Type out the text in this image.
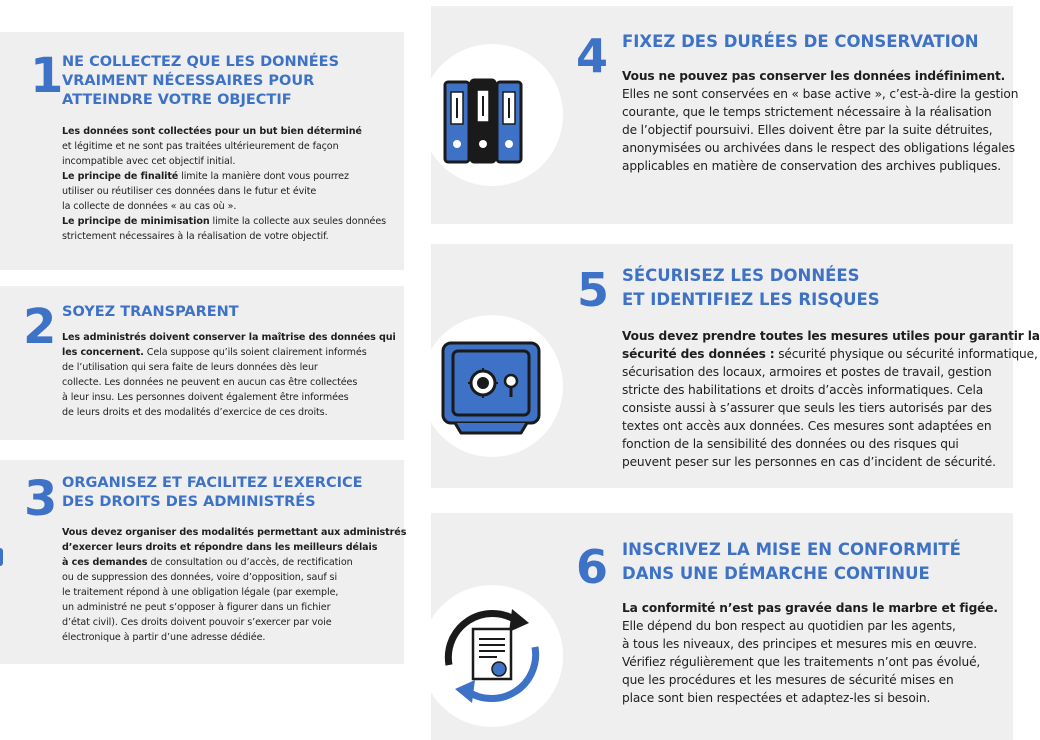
1
NE COLLECTEZ QUE LES DONNÉES
VRAIMENT NÉCESSAIRES POUR
ATTEINDRE VOTRE OBJECTIF

Les données sont collectées pour un but bien déterminé

et légitime et ne sont pas traitées ultérieurement de façon

incompatible avec cet objectif initial.

Le principe de finalité limite la manière dont vous pourrez

utiliser ou réutiliser ces données dans le futur et évite

la collecte de données « au cas où ».

Le principe de minimisation limite la collecte aux seules données

strictement nécessaires à la réalisation de votre objectif.

2 SOYEZ TRANSPARENT

Les administrés doivent conserver la maîtrise des données qui

les concernent. Cela suppose qu’ils soient clairement informés

de l’utilisation qui sera faite de leurs données dès leur

collecte. Les données ne peuvent en aucun cas être collectées

à leur insu. Les personnes doivent également être informées

de leurs droits et des modalités d’exercice de ces droits.

3 ORGANISEZ ET FACILITEZ L’EXERCICE
DES DROITS DES ADMINISTRÉS

Vous devez organiser des modalités permettant aux administrés

d’exercer leurs droits et répondre dans les meilleurs délais

à ces demandes de consultation ou d’accès, de rectification

ou de suppression des données, voire d’opposition, sauf si

le traitement répond à une obligation légale (par exemple,

un administré ne peut s’opposer à figurer dans un fichier

d’état civil). Ces droits doivent pouvoir s’exercer par voie

électronique à partir d’une adresse dédiée.

4 FIXEZ DES DURÉES DE CONSERVATION

Vous ne pouvez pas conserver les données indéfiniment.

Elles ne sont conservées en « base active », c’est-à-dire la gestion

courante, que le temps strictement nécessaire à la réalisation

de l’objectif poursuivi. Elles doivent être par la suite détruites,

anonymisées ou archivées dans le respect des obligations légales

applicables en matière de conservation des archives publiques.

5 SÉCURISEZ LES DONNÉES
ET IDENTIFIEZ LES RISQUES

Vous devez prendre toutes les mesures utiles pour garantir la

sécurité des données : sécurité physique ou sécurité informatique,

sécurisation des locaux, armoires et postes de travail, gestion

stricte des habilitations et droits d’accès informatiques. Cela

consiste aussi à s’assurer que seuls les tiers autorisés par des

textes ont accès aux données. Ces mesures sont adaptées en

fonction de la sensibilité des données ou des risques qui

peuvent peser sur les personnes en cas d’incident de sécurité.

6 INSCRIVEZ LA MISE EN CONFORMITÉ
DANS UNE DÉMARCHE CONTINUE

La conformité n’est pas gravée dans le marbre et figée.

Elle dépend du bon respect au quotidien par les agents,

à tous les niveaux, des principes et mesures mis en œuvre.

Vérifiez régulièrement que les traitements n’ont pas évolué,

que les procédures et les mesures de sécurité mises en

place sont bien respectées et adaptez-les si besoin.
